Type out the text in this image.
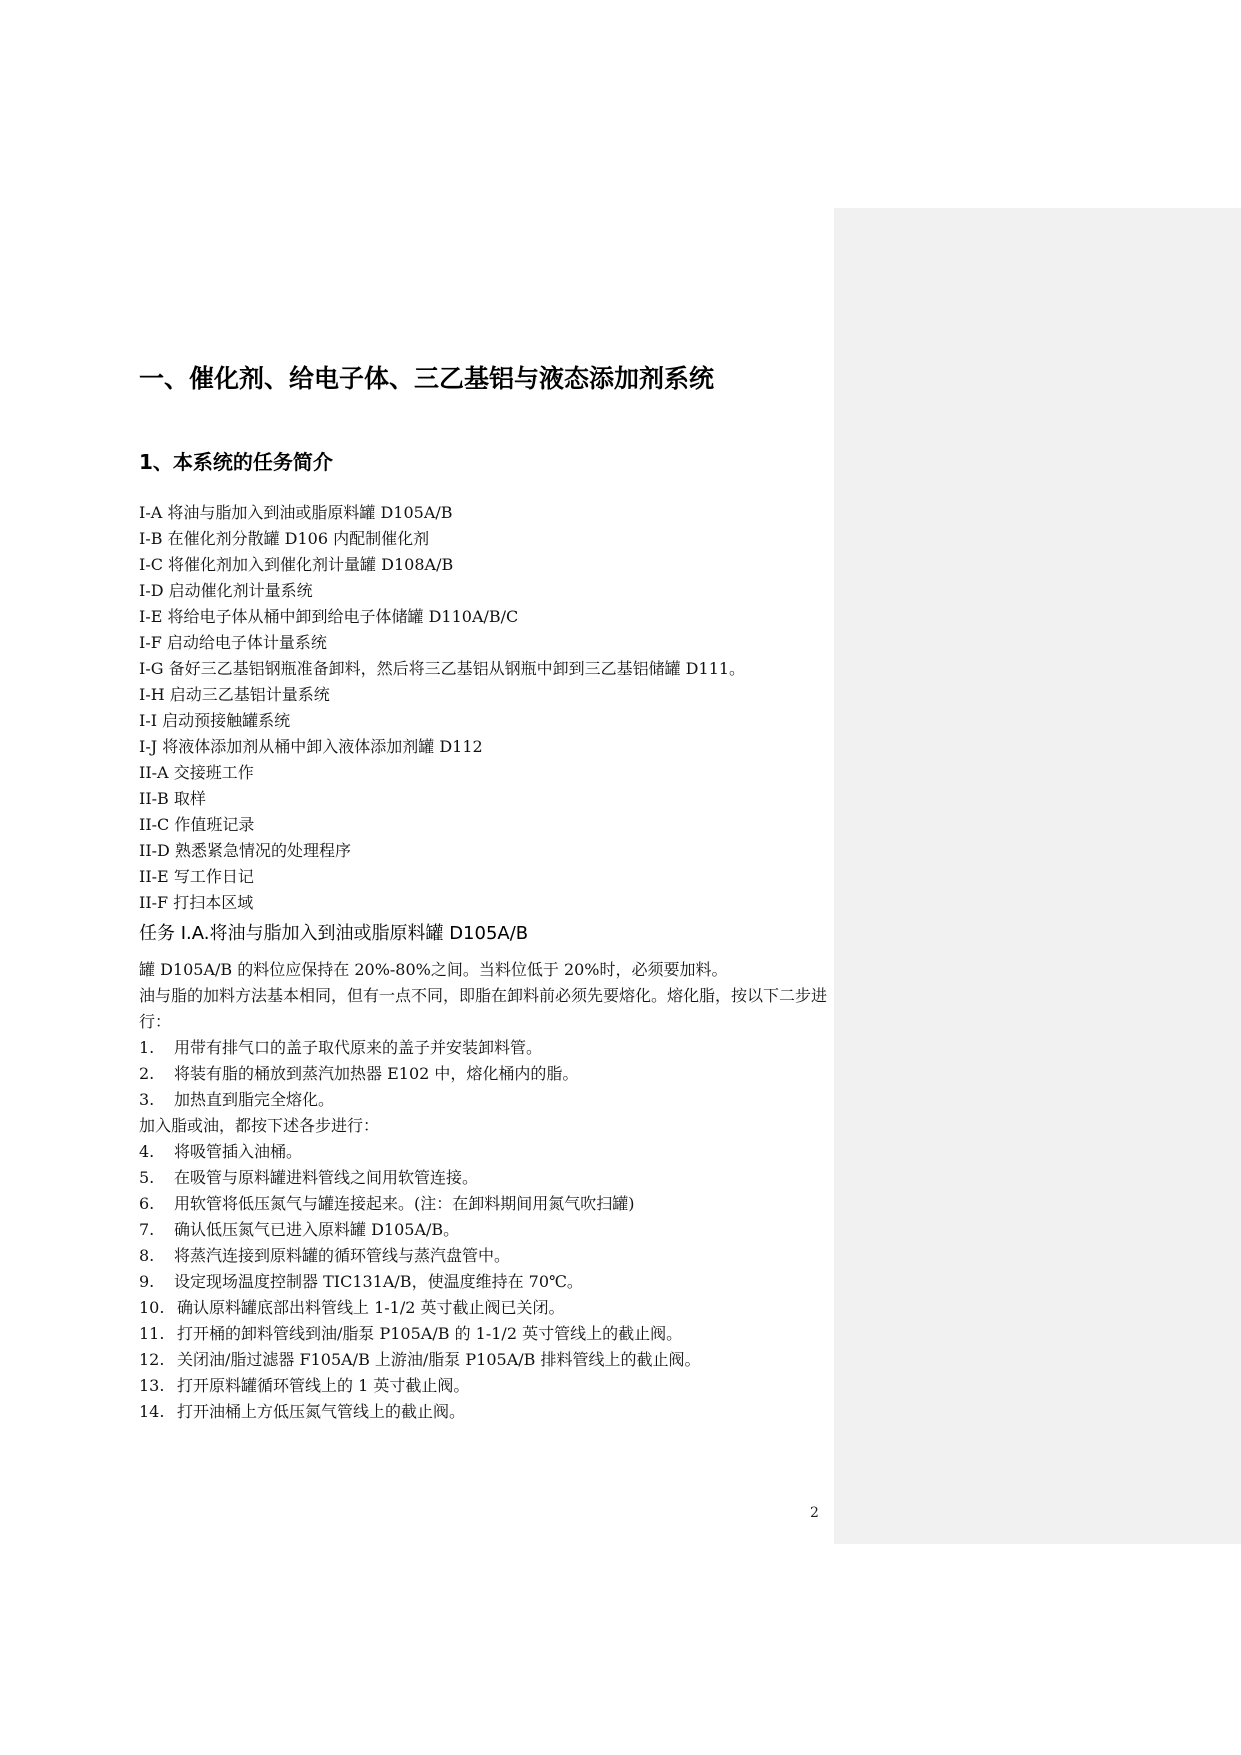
一、催化剂、给电子体、三乙基铝与液态添加剂系统
1、本系统的任务简介
I-A 将油与脂加入到油或脂原料罐 D105A/B
I-B 在催化剂分散罐 D106 内配制催化剂
I-C 将催化剂加入到催化剂计量罐 D108A/B
I-D 启动催化剂计量系统
I-E 将给电子体从桶中卸到给电子体储罐 D110A/B/C
I-F 启动给电子体计量系统
I-G 备好三乙基铝钢瓶准备卸料，然后将三乙基铝从钢瓶中卸到三乙基铝储罐 D111。
I-H 启动三乙基铝计量系统
I-I 启动预接触罐系统
I-J 将液体添加剂从桶中卸入液体添加剂罐 D112
II-A 交接班工作
II-B 取样
II-C 作值班记录
II-D 熟悉紧急情况的处理程序
II-E 写工作日记
II-F 打扫本区域
任务 I.A.将油与脂加入到油或脂原料罐 D105A/B

罐 D105A/B 的料位应保持在 20%-80%之间。当料位低于 20%时，必须要加料。

油与脂的加料方法基本相同，但有一点不同，即脂在卸料前必须先要熔化。熔化脂，按以下二步进行：

1. 用带有排气口的盖子取代原来的盖子并安装卸料管。
2. 将装有脂的桶放到蒸汽加热器 E102 中，熔化桶内的脂。
3. 加热直到脂完全熔化。

加入脂或油，都按下述各步进行：

4. 将吸管插入油桶。
5. 在吸管与原料罐进料管线之间用软管连接。
6. 用软管将低压氮气与罐连接起来。(注：在卸料期间用氮气吹扫罐)
7. 确认低压氮气已进入原料罐 D105A/B。
8. 将蒸汽连接到原料罐的循环管线与蒸汽盘管中。
9. 设定现场温度控制器 TIC131A/B，使温度维持在 70℃。
10. 确认原料罐底部出料管线上 1-1/2 英寸截止阀已关闭。
11. 打开桶的卸料管线到油/脂泵 P105A/B 的 1-1/2 英寸管线上的截止阀。
12. 关闭油/脂过滤器 F105A/B 上游油/脂泵 P105A/B 排料管线上的截止阀。
13. 打开原料罐循环管线上的 1 英寸截止阀。
14. 打开油桶上方低压氮气管线上的截止阀。
2
